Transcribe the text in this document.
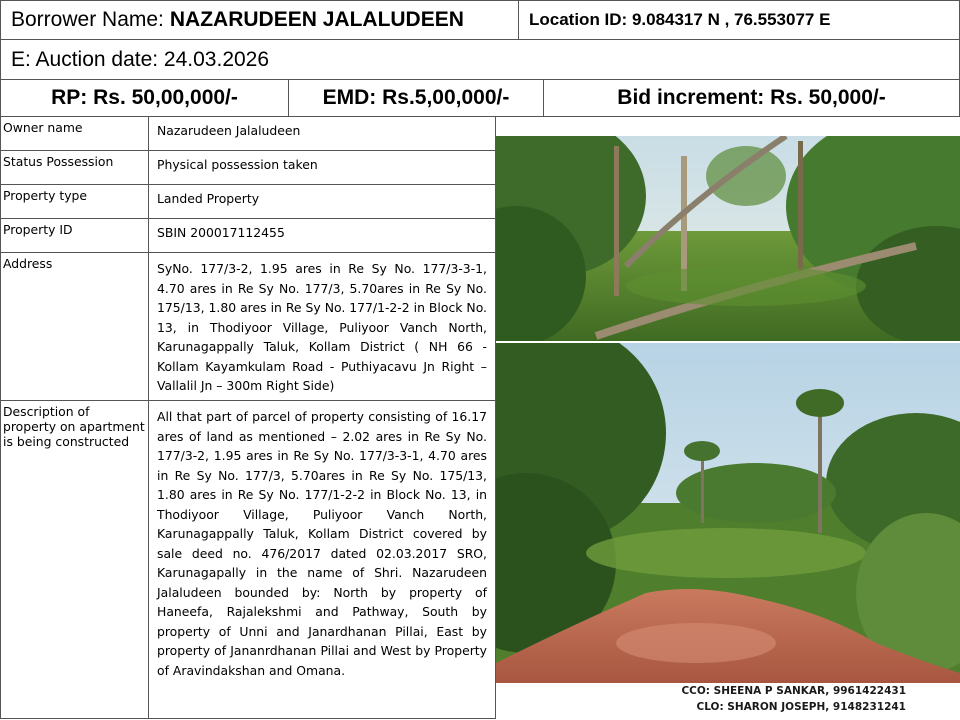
Borrower Name: NAZARUDEEN JALALUDEEN	Location ID: 9.084317 N , 76.553077 E
E: Auction date: 24.03.2026
RP: Rs. 50,00,000/-	EMD: Rs.5,00,000/-	Bid increment: Rs. 50,000/-
Owner name	Nazarudeen Jalaludeen
Status Possession	Physical possession taken
Property type	Landed Property
Property ID	SBIN 200017112455
Address	SyNo. 177/3-2, 1.95 ares in Re Sy No. 177/3-3-1, 4.70 ares in Re Sy No. 177/3, 5.70ares in Re Sy No. 175/13, 1.80 ares in Re Sy No. 177/1-2-2 in Block No. 13, in Thodiyoor Village, Puliyoor Vanch North, Karunagappally Taluk, Kollam District ( NH 66 - Kollam Kayamkulam Road - Puthiyacavu Jn Right – Vallalil Jn – 300m Right Side)
Description of property on apartment is being constructed	All that part of parcel of property consisting of 16.17 ares of land as mentioned – 2.02 ares in Re Sy No. 177/3-2, 1.95 ares in Re Sy No. 177/3-3-1, 4.70 ares in Re Sy No. 177/3, 5.70ares in Re Sy No. 175/13, 1.80 ares in Re Sy No. 177/1-2-2 in Block No. 13, in Thodiyoor Village, Puliyoor Vanch North, Karunagappally Taluk, Kollam District covered by sale deed no. 476/2017 dated 02.03.2017 SRO, Karunagapally in the name of Shri. Nazarudeen Jalaludeen bounded by: North by property of Haneefa, Rajalekshmi and Pathway, South by property of Unni and Janardhanan Pillai, East by property of Jananrdhanan Pillai and West by Property of Aravindakshan and Omana.
CCO: SHEENA P SANKAR, 9961422431
CLO: SHARON JOSEPH, 9148231241
